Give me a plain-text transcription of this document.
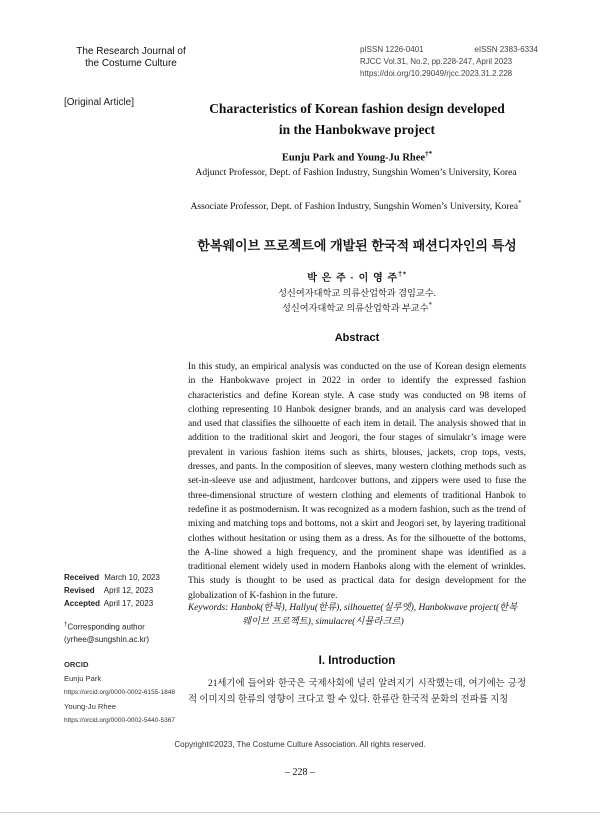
The Research Journal of
the Costume Culture
pISSN 1226-0401	eISSN 2383-6334
RJCC Vol.31, No.2, pp.228-247, April 2023
https://doi.org/10.29049/rjcc.2023.31.2.228
[Original Article]	Characteristics of Korean fashion design developed
in the Hanbokwave project
Eunju Park and Young-Ju Rhee†*
Adjunct Professor, Dept. of Fashion Industry, Sungshin Women’s University, Korea
Associate Professor, Dept. of Fashion Industry, Sungshin Women’s University, Korea*
한복웨이브 프로젝트에 개발된 한국적 패션디자인의 특성
박 은 주 · 이 영 주†*
성신여자대학교 의류산업학과 겸임교수.
성신여자대학교 의류산업학과 부교수*
Abstract
In this study, an empirical analysis was conducted on the use of Korean design elements in the Hanbokwave project in 2022 in order to identify the expressed fashion characteristics and define Korean style. A case study was conducted on 98 items of clothing representing 10 Hanbok designer brands, and an analysis card was developed and used that classifies the silhouette of each item in detail. The analysis showed that in addition to the traditional skirt and Jeogori, the four stages of simulakr’s image were prevalent in various fashion items such as shirts, blouses, jackets, crop tops, vests, dresses, and pants. In the composition of sleeves, many western clothing methods such as set-in-sleeve use and adjustment, hardcover buttons, and zippers were used to fuse the three-dimensional structure of western clothing and elements of traditional Hanbok to redefine it as postmodernism. It was recognized as a modern fashion, such as the trend of mixing and matching tops and bottoms, not a skirt and Jeogori set, by layering traditional clothes without hesitation or using them as a dress. As for the silhouette of the bottoms, the A-line showed a high frequency, and the prominent shape was identified as a traditional element widely used in modern Hanboks along with the element of wrinkles. This study is thought to be used as practical data for design development for the globalization of K-fashion in the future.
Keywords: Hanbok(한복), Hallyu(한류), silhouette(실루엣), Hanbokwave project(한복웨이브 프로젝트), simulacre(시뮬라크르)
Received March 10, 2023
Revised April 12, 2023
Accepted April 17, 2023
†Corresponding author
(yrhee@sungshin.ac.kr)
ORCID
Eunju Park
https://orcid.org/0000-0002-6155-1848
Young-Ju Rhee
https://orcid.org/0000-0002-5440-5367
I. Introduction
21세기에 들어와 한국은 국제사회에 널리 알려지기 시작했는데, 여기에는 긍정적 이미지의 한류의 영향이 크다고 할 수 있다. 한류란 한국적 문화의 전파를 지칭
Copyright©2023, The Costume Culture Association. All rights reserved.
– 228 –
